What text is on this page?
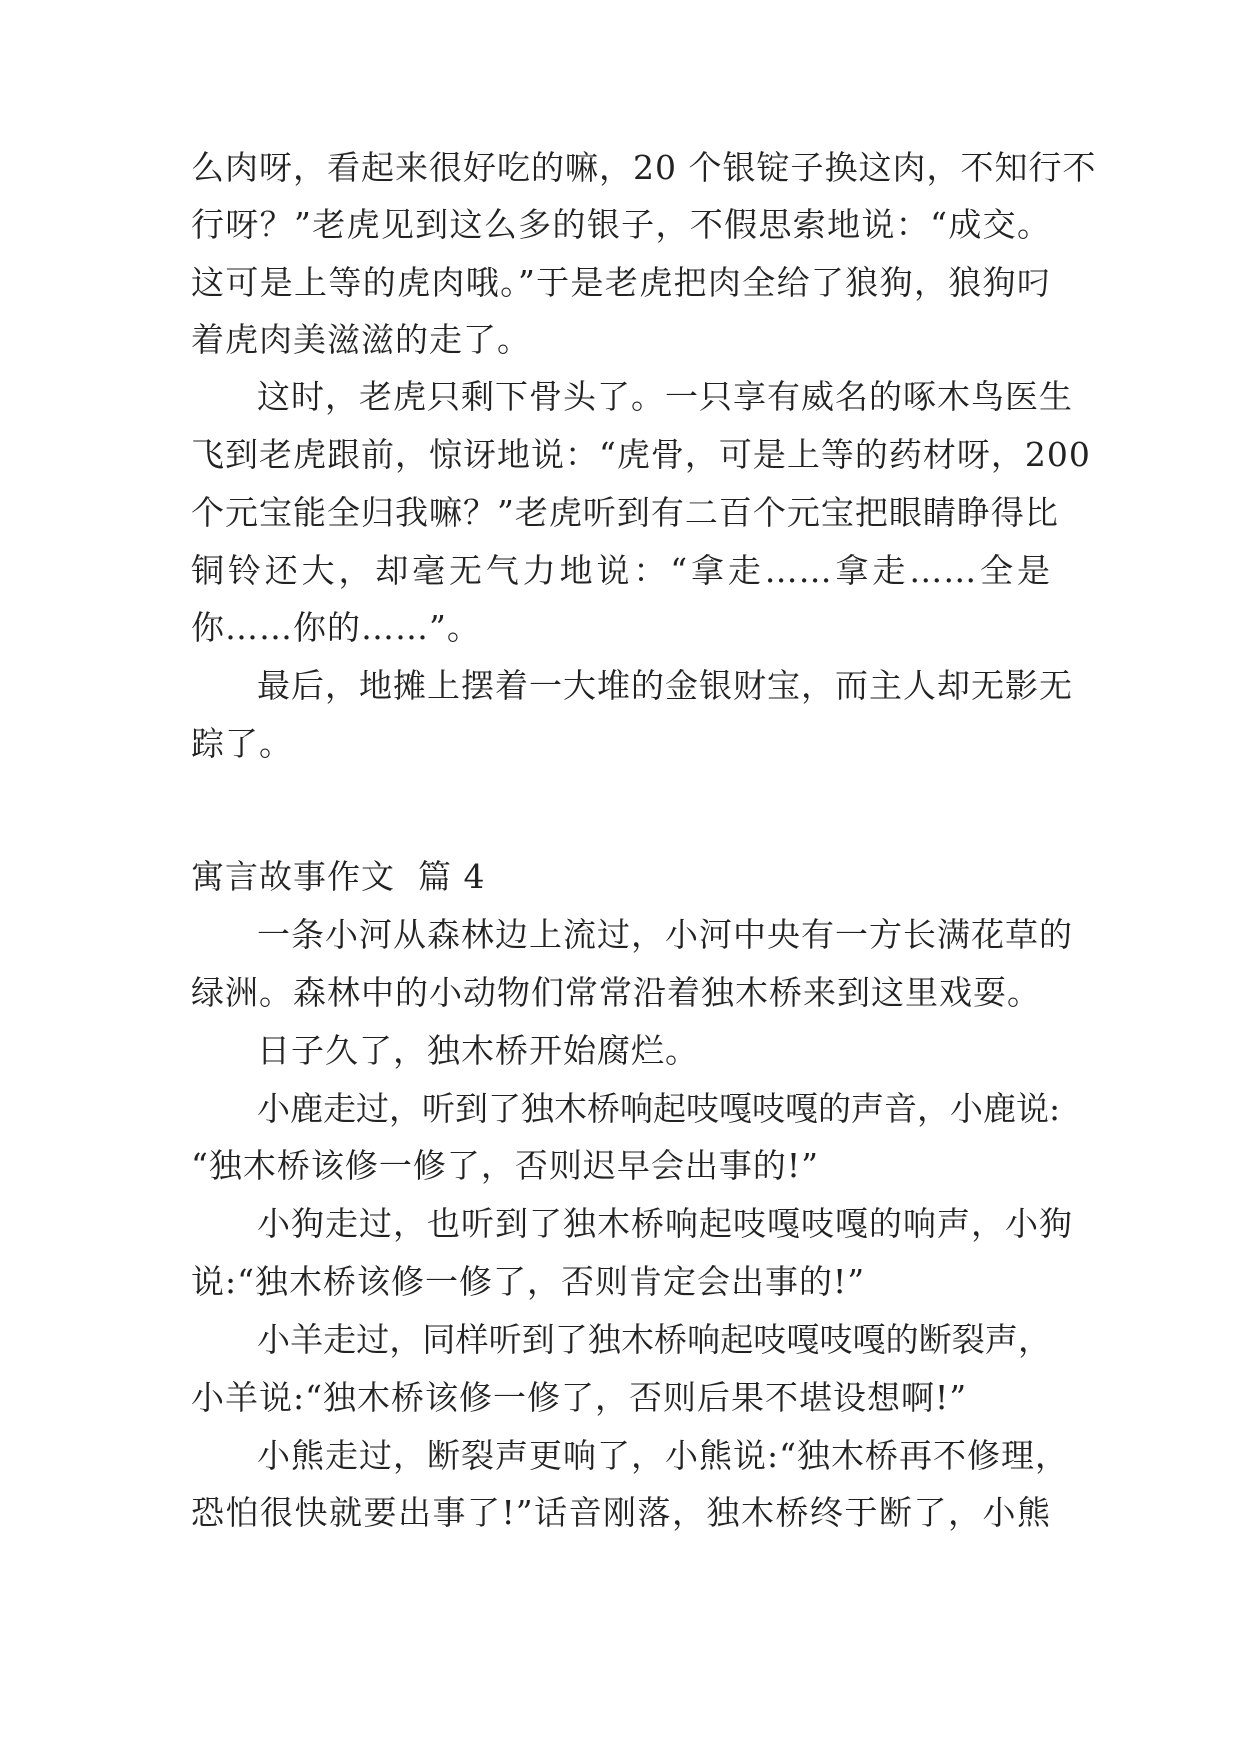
么肉呀，看起来很好吃的嘛，20 个银锭子换这肉，不知行不
行呀？”老虎见到这么多的银子，不假思索地说：“成交。
这可是上等的虎肉哦。”于是老虎把肉全给了狼狗，狼狗叼
着虎肉美滋滋的走了。
这时，老虎只剩下骨头了。一只享有威名的啄木鸟医生
飞到老虎跟前，惊讶地说：“虎骨，可是上等的药材呀，200
个元宝能全归我嘛？”老虎听到有二百个元宝把眼睛睁得比
铜铃还大，却毫无气力地说：“拿走……拿走……全是
你……你的……”。
最后，地摊上摆着一大堆的金银财宝，而主人却无影无
踪了。
寓言故事作文  篇 4
一条小河从森林边上流过，小河中央有一方长满花草的
绿洲。森林中的小动物们常常沿着独木桥来到这里戏耍。
日子久了，独木桥开始腐烂。
小鹿走过，听到了独木桥响起吱嘎吱嘎的声音，小鹿说:
“独木桥该修一修了，否则迟早会出事的!”
小狗走过，也听到了独木桥响起吱嘎吱嘎的响声，小狗
说:“独木桥该修一修了，否则肯定会出事的!”
小羊走过，同样听到了独木桥响起吱嘎吱嘎的断裂声，
小羊说:“独木桥该修一修了，否则后果不堪设想啊!”
小熊走过，断裂声更响了，小熊说:“独木桥再不修理，
恐怕很快就要出事了!”话音刚落，独木桥终于断了，小熊
